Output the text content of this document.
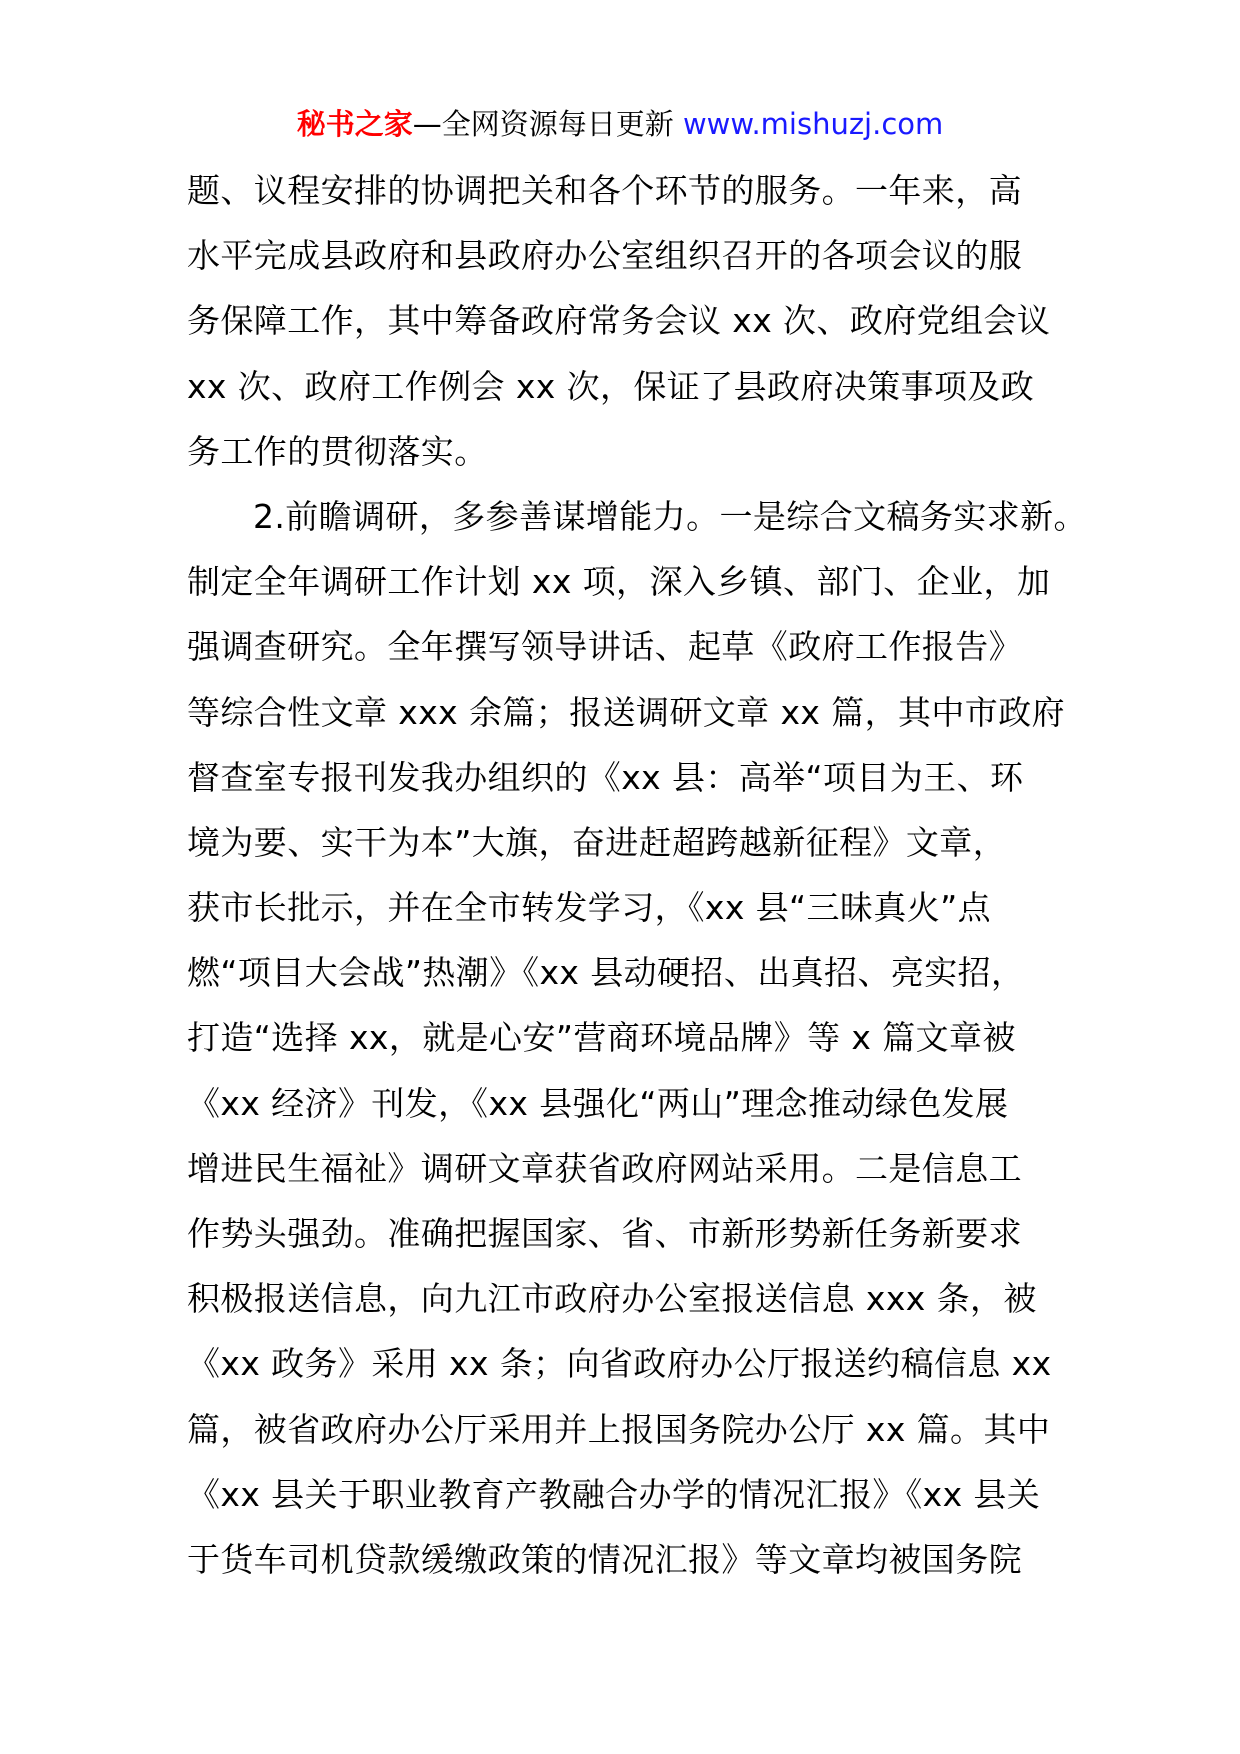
秘书之家—全网资源每日更新 www.mishuzj.com
题、议程安排的协调把关和各个环节的服务。一年来，高
水平完成县政府和县政府办公室组织召开的各项会议的服
务保障工作，其中筹备政府常务会议 xx 次、政府党组会议
xx 次、政府工作例会 xx 次，保证了县政府决策事项及政
务工作的贯彻落实。
2.前瞻调研，多参善谋增能力。一是综合文稿务实求新。
制定全年调研工作计划 xx 项，深入乡镇、部门、企业，加
强调查研究。全年撰写领导讲话、起草《政府工作报告》
等综合性文章 xxx 余篇；报送调研文章 xx 篇，其中市政府
督查室专报刊发我办组织的《xx 县：高举“项目为王、环
境为要、实干为本”大旗，奋进赶超跨越新征程》文章，
获市长批示，并在全市转发学习，《xx 县“三昧真火”点
燃“项目大会战”热潮》《xx 县动硬招、出真招、亮实招，
打造“选择 xx，就是心安”营商环境品牌》等 x 篇文章被
《xx 经济》刊发，《xx 县强化“两山”理念推动绿色发展
增进民生福祉》调研文章获省政府网站采用。二是信息工
作势头强劲。准确把握国家、省、市新形势新任务新要求
积极报送信息，向九江市政府办公室报送信息 xxx 条，被
《xx 政务》采用 xx 条；向省政府办公厅报送约稿信息 xx
篇，被省政府办公厅采用并上报国务院办公厅 xx 篇。其中
《xx 县关于职业教育产教融合办学的情况汇报》《xx 县关
于货车司机贷款缓缴政策的情况汇报》等文章均被国务院
